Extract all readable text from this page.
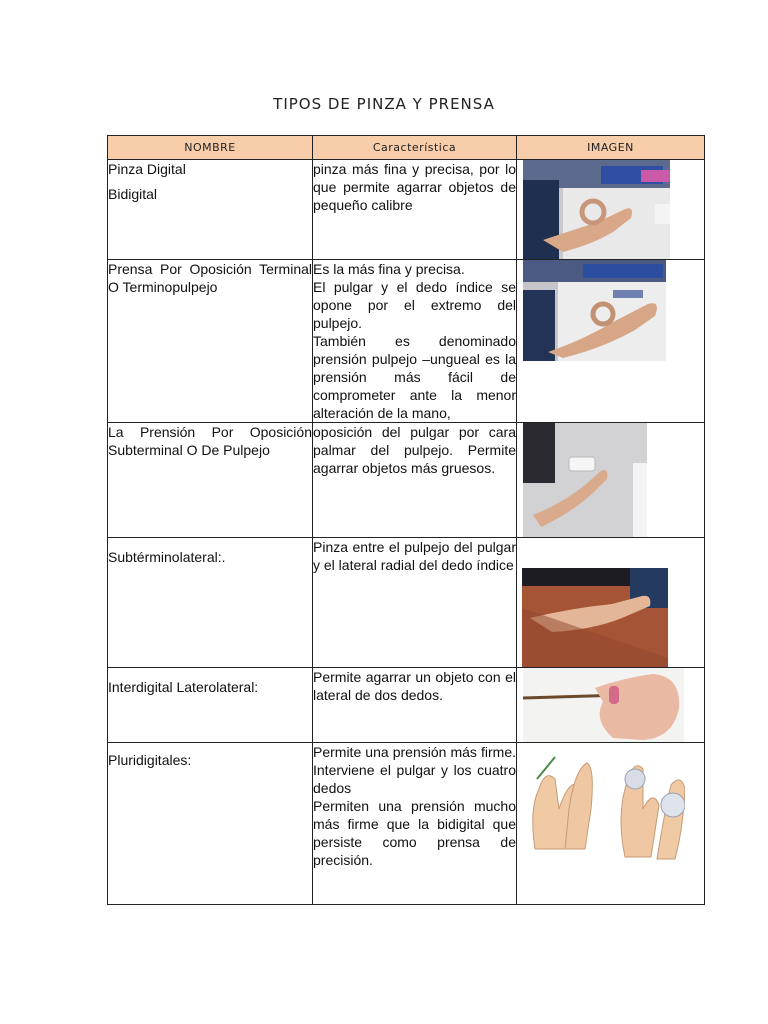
TIPOS DE PINZA Y PRENSA
NOMBRE	Característica	IMAGEN

Pinza Digital
Bidigital	pinza más fina y precisa, por lo que permite agarrar objetos de pequeño calibre

Prensa Por Oposición Terminal O Terminopulpejo	Es la más fina y precisa.

El pulgar y el dedo índice se opone por el extremo del pulpejo.

También es denominado prensión pulpejo –ungueal es la prensión más fácil de comprometer ante la menor alteración de la mano,

La Prensión Por Oposición Subterminal O De Pulpejo	oposición del pulgar por cara palmar del pulpejo. Permite agarrar objetos más gruesos.

Subtérminolateral:.	Pinza entre el pulpejo del pulgar y el lateral radial del dedo índice

Interdigital Laterolateral:	Permite agarrar un objeto con el lateral de dos dedos.

Pluridigitales:	Permite una prensión más firme. Interviene el pulgar y los cuatro dedos

Permiten una prensión mucho más firme que la bidigital que persiste como prensa de precisión.
